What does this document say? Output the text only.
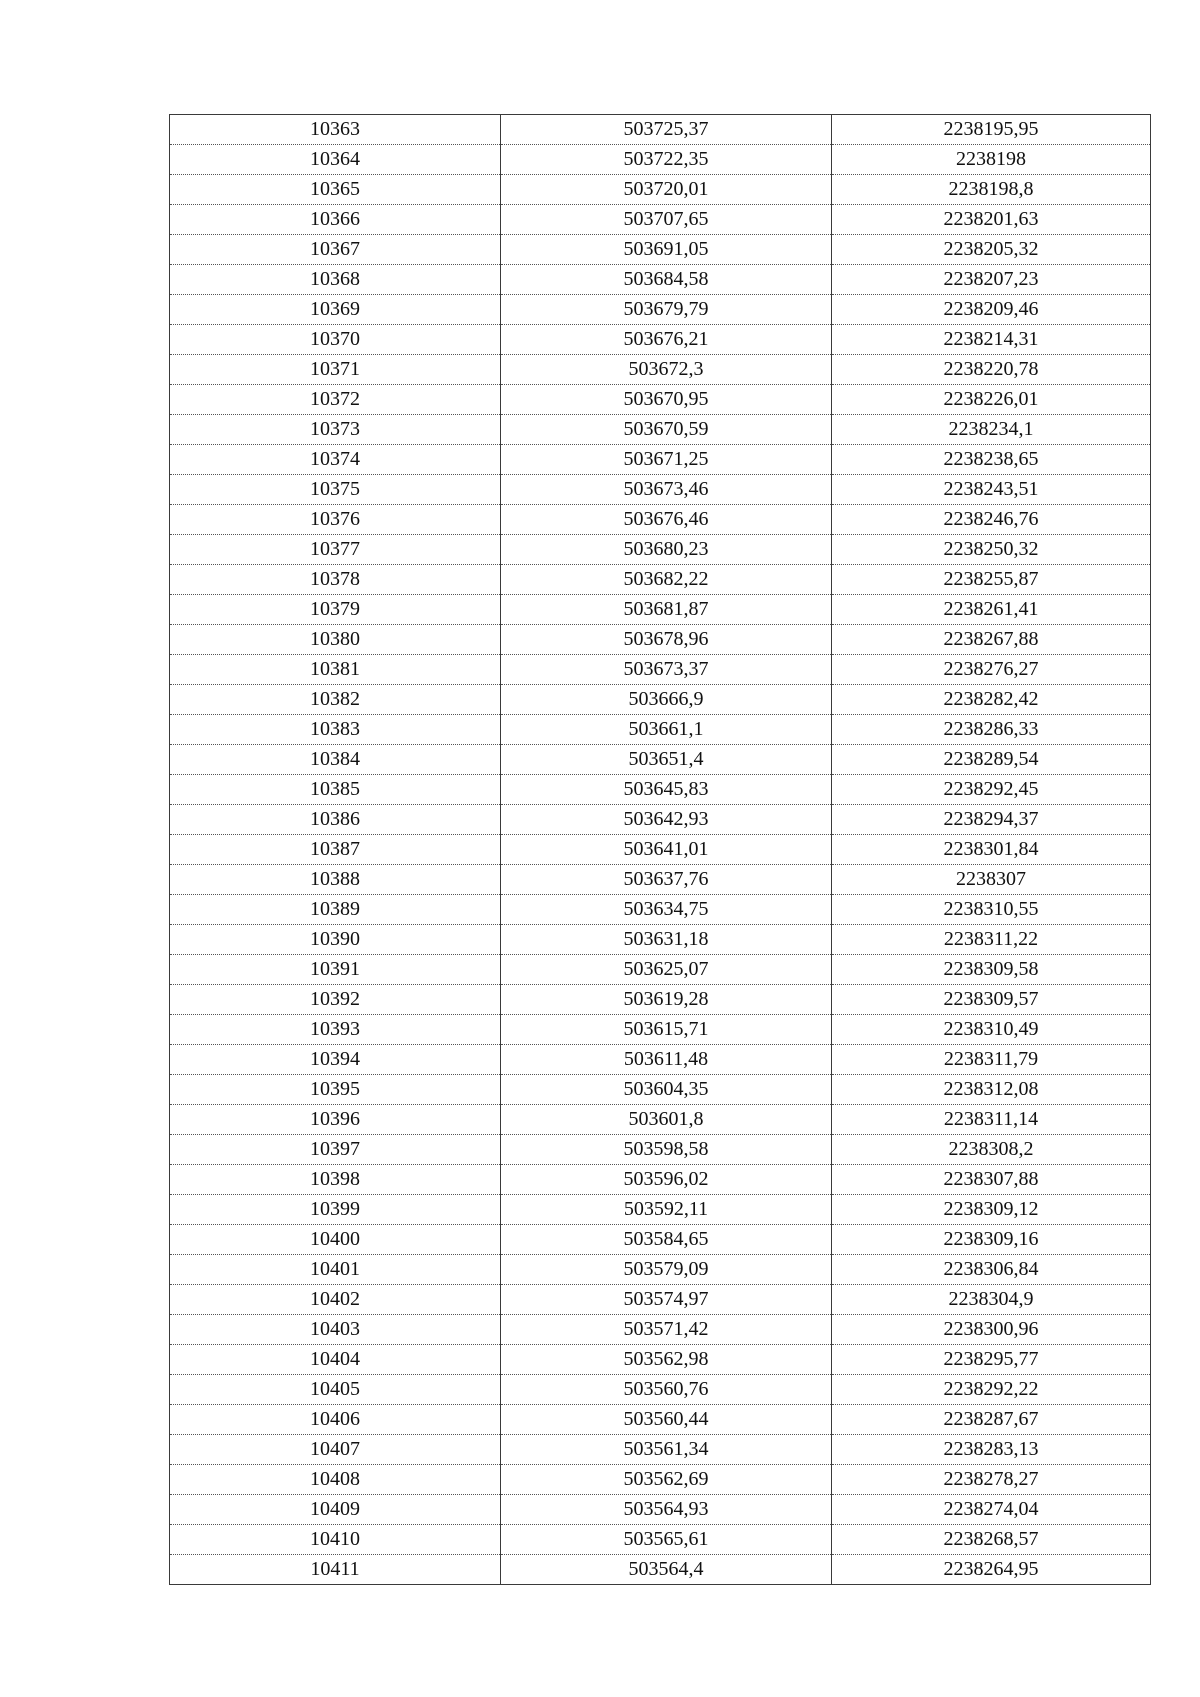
10363	503725,37	2238195,95
10364	503722,35	2238198
10365	503720,01	2238198,8
10366	503707,65	2238201,63
10367	503691,05	2238205,32
10368	503684,58	2238207,23
10369	503679,79	2238209,46
10370	503676,21	2238214,31
10371	503672,3	2238220,78
10372	503670,95	2238226,01
10373	503670,59	2238234,1
10374	503671,25	2238238,65
10375	503673,46	2238243,51
10376	503676,46	2238246,76
10377	503680,23	2238250,32
10378	503682,22	2238255,87
10379	503681,87	2238261,41
10380	503678,96	2238267,88
10381	503673,37	2238276,27
10382	503666,9	2238282,42
10383	503661,1	2238286,33
10384	503651,4	2238289,54
10385	503645,83	2238292,45
10386	503642,93	2238294,37
10387	503641,01	2238301,84
10388	503637,76	2238307
10389	503634,75	2238310,55
10390	503631,18	2238311,22
10391	503625,07	2238309,58
10392	503619,28	2238309,57
10393	503615,71	2238310,49
10394	503611,48	2238311,79
10395	503604,35	2238312,08
10396	503601,8	2238311,14
10397	503598,58	2238308,2
10398	503596,02	2238307,88
10399	503592,11	2238309,12
10400	503584,65	2238309,16
10401	503579,09	2238306,84
10402	503574,97	2238304,9
10403	503571,42	2238300,96
10404	503562,98	2238295,77
10405	503560,76	2238292,22
10406	503560,44	2238287,67
10407	503561,34	2238283,13
10408	503562,69	2238278,27
10409	503564,93	2238274,04
10410	503565,61	2238268,57
10411	503564,4	2238264,95
